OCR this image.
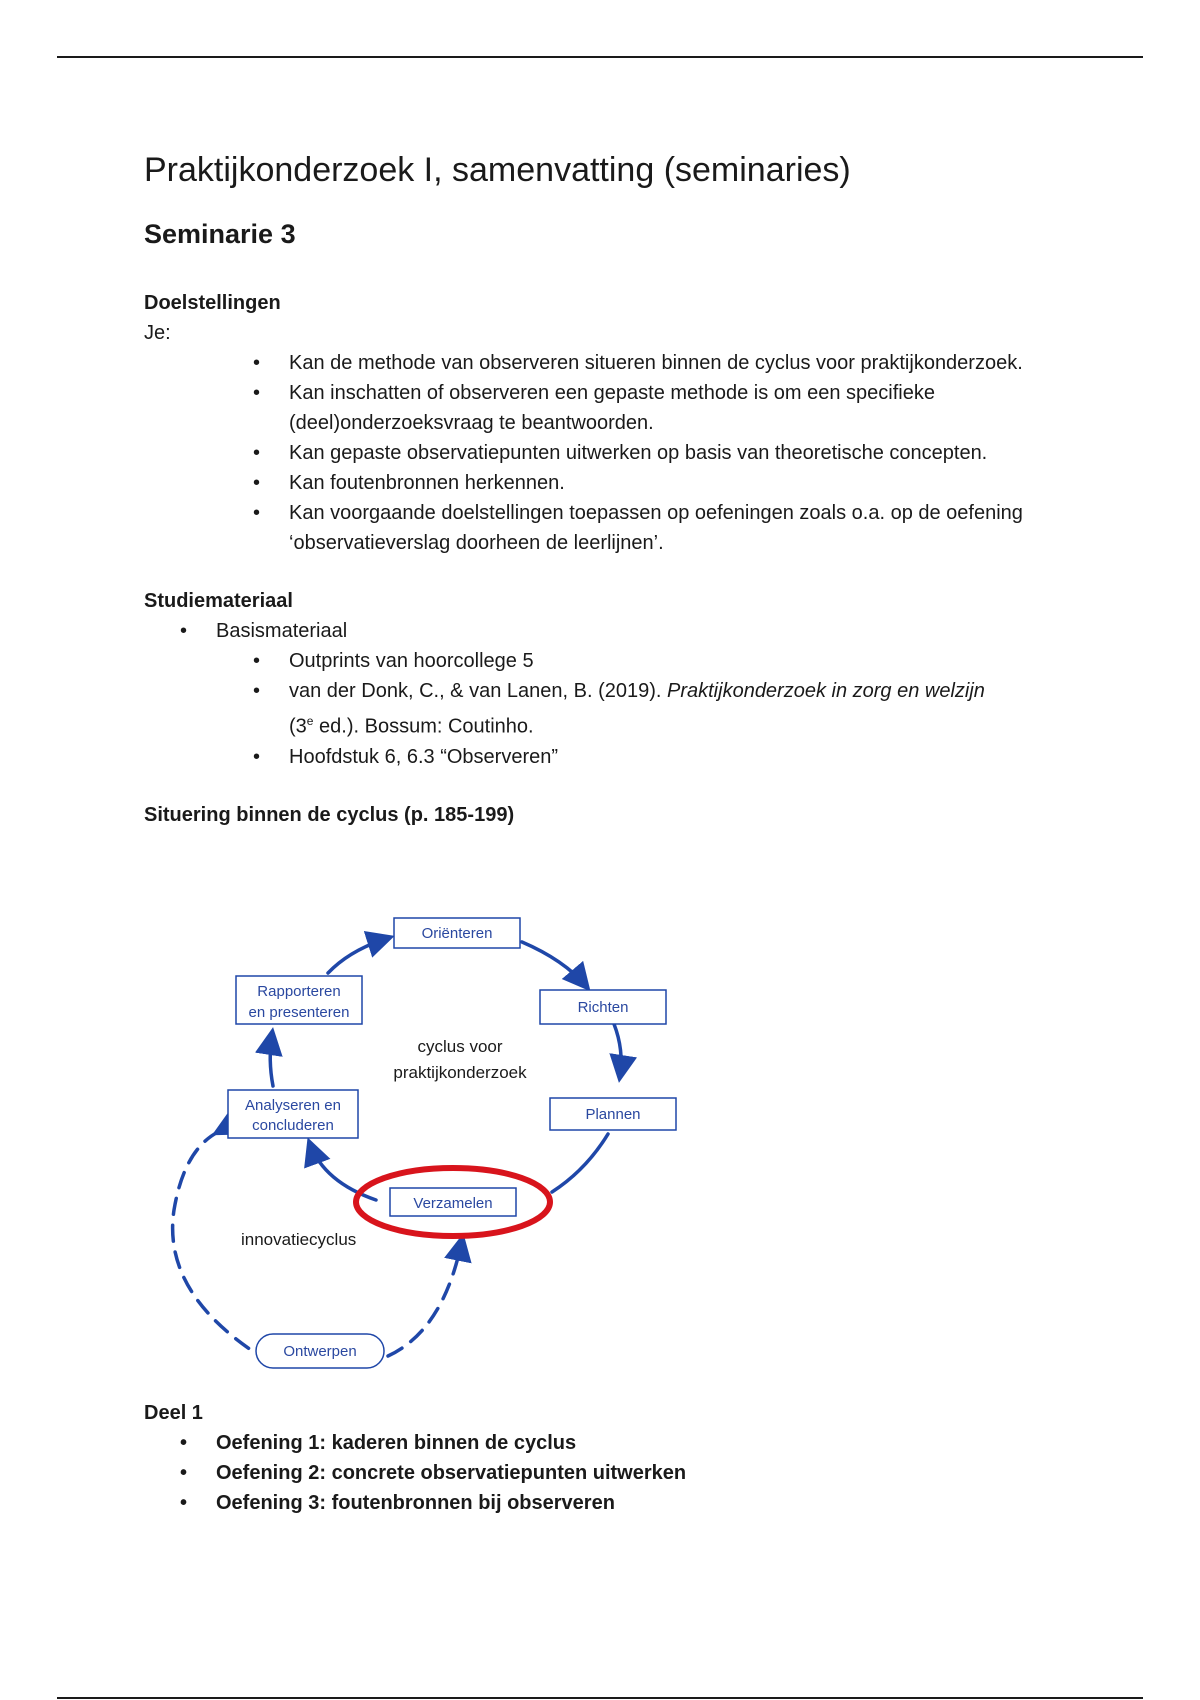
Praktijkonderzoek I, samenvatting (seminaries)
Seminarie 3

Doelstellingen

Je:

• Kan de methode van observeren situeren binnen de cyclus voor praktijkonderzoek.
• Kan inschatten of observeren een gepaste methode is om een specifieke (deel)onderzoeksvraag te beantwoorden.
• Kan gepaste observatiepunten uitwerken op basis van theoretische concepten.
• Kan foutenbronnen herkennen.
• Kan voorgaande doelstellingen toepassen op oefeningen zoals o.a. op de oefening ‘observatieverslag doorheen de leerlijnen’.

Studiemateriaal

• Basismateriaal
• Outprints van hoorcollege 5
• van der Donk, C., & van Lanen, B. (2019). Praktijkonderzoek in zorg en welzijn
(3e ed.). Bossum: Coutinho.
• Hoofdstuk 6, 6.3 “Observeren”

Situering binnen de cyclus (p. 185-199)

Oriënteren
Richten
Plannen
Verzamelen
Analyseren en
concluderen
Rapporteren
en presenteren
Ontwerpen
cyclus voor
praktijkonderzoek
innovatiecyclus

Deel 1

• Oefening 1: kaderen binnen de cyclus
• Oefening 2: concrete observatiepunten uitwerken
• Oefening 3: foutenbronnen bij observeren
